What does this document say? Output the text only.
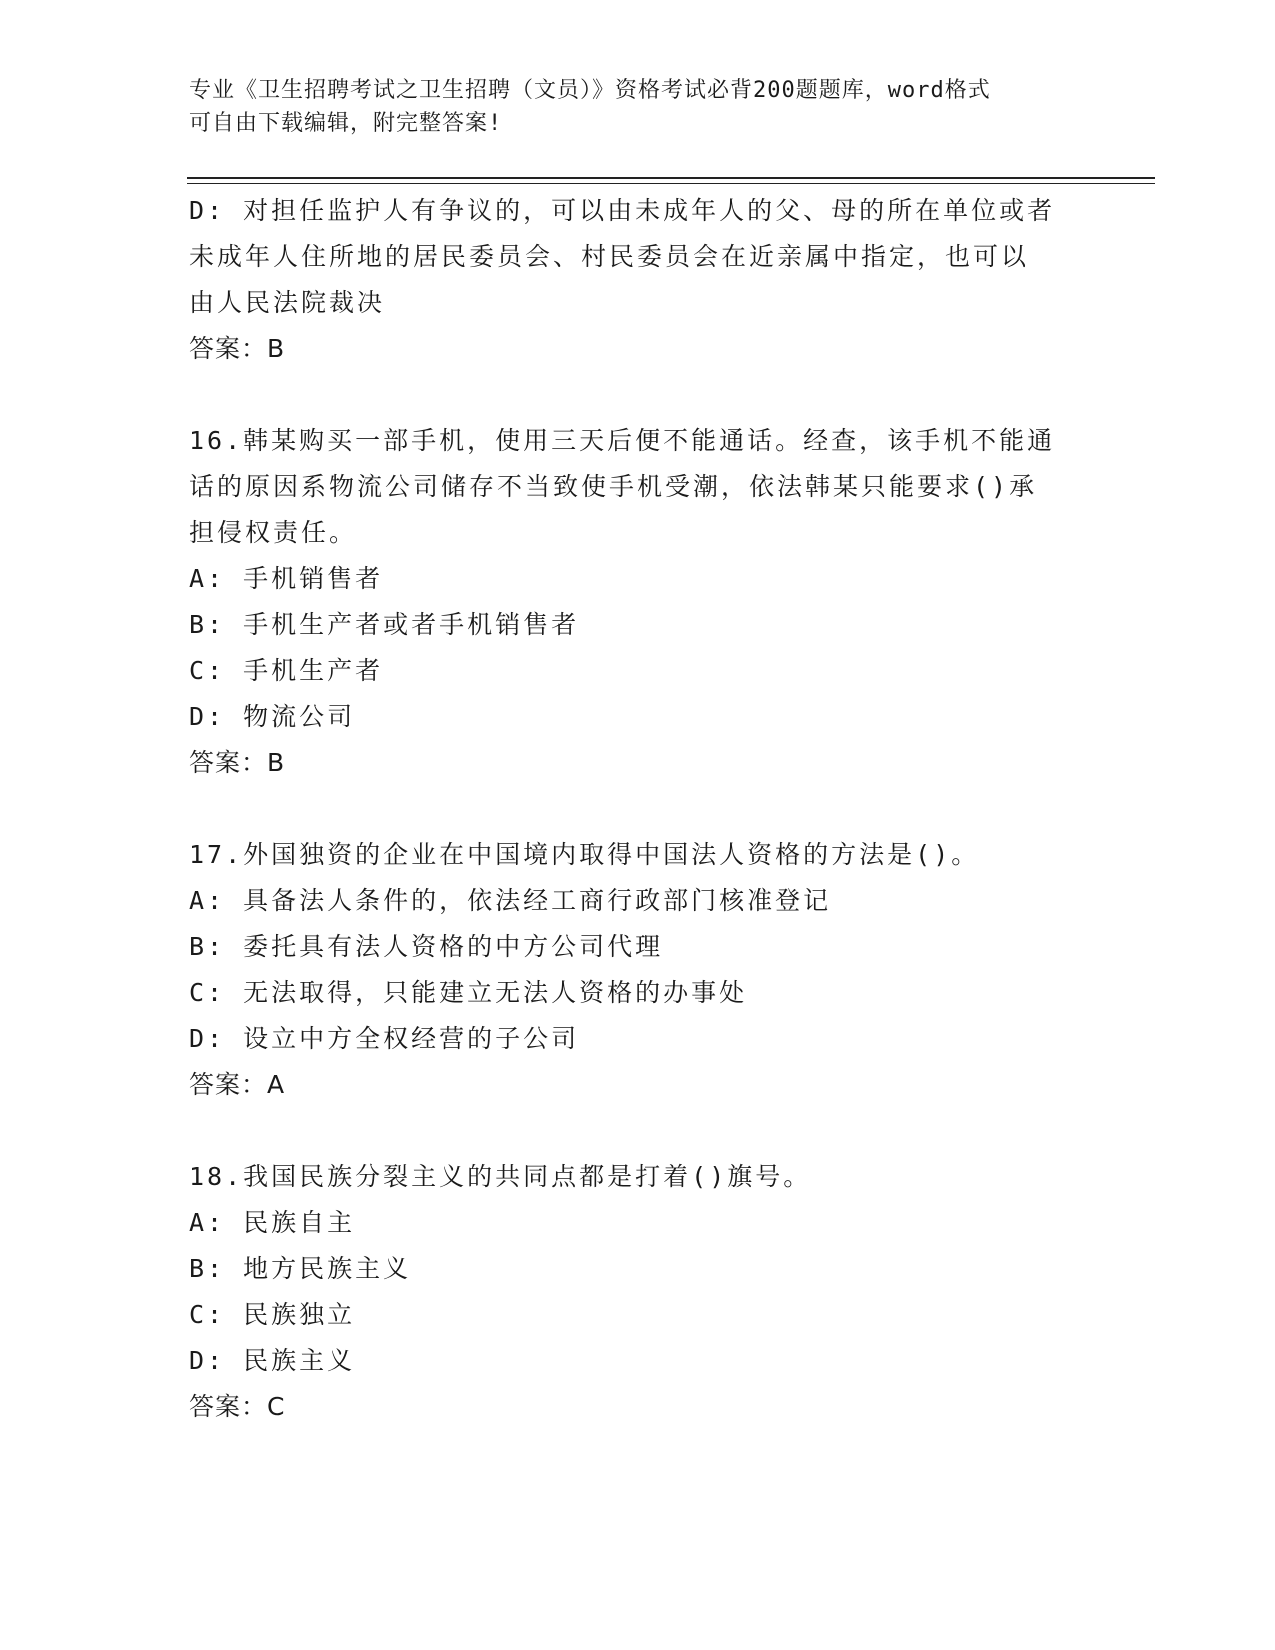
专业《卫生招聘考试之卫生招聘（文员）》资格考试必背200题题库，word格式
可自由下载编辑，附完整答案!
D: 对担任监护人有争议的，可以由未成年人的父、母的所在单位或者
未成年人住所地的居民委员会、村民委员会在近亲属中指定，也可以
由人民法院裁决
答案：B
16.韩某购买一部手机，使用三天后便不能通话。经查，该手机不能通
话的原因系物流公司储存不当致使手机受潮，依法韩某只能要求()承
担侵权责任。
A: 手机销售者
B: 手机生产者或者手机销售者
C: 手机生产者
D: 物流公司
答案：B
17.外国独资的企业在中国境内取得中国法人资格的方法是()。
A: 具备法人条件的，依法经工商行政部门核准登记
B: 委托具有法人资格的中方公司代理
C: 无法取得，只能建立无法人资格的办事处
D: 设立中方全权经营的子公司
答案：A
18.我国民族分裂主义的共同点都是打着()旗号。
A: 民族自主
B: 地方民族主义
C: 民族独立
D: 民族主义
答案：C
